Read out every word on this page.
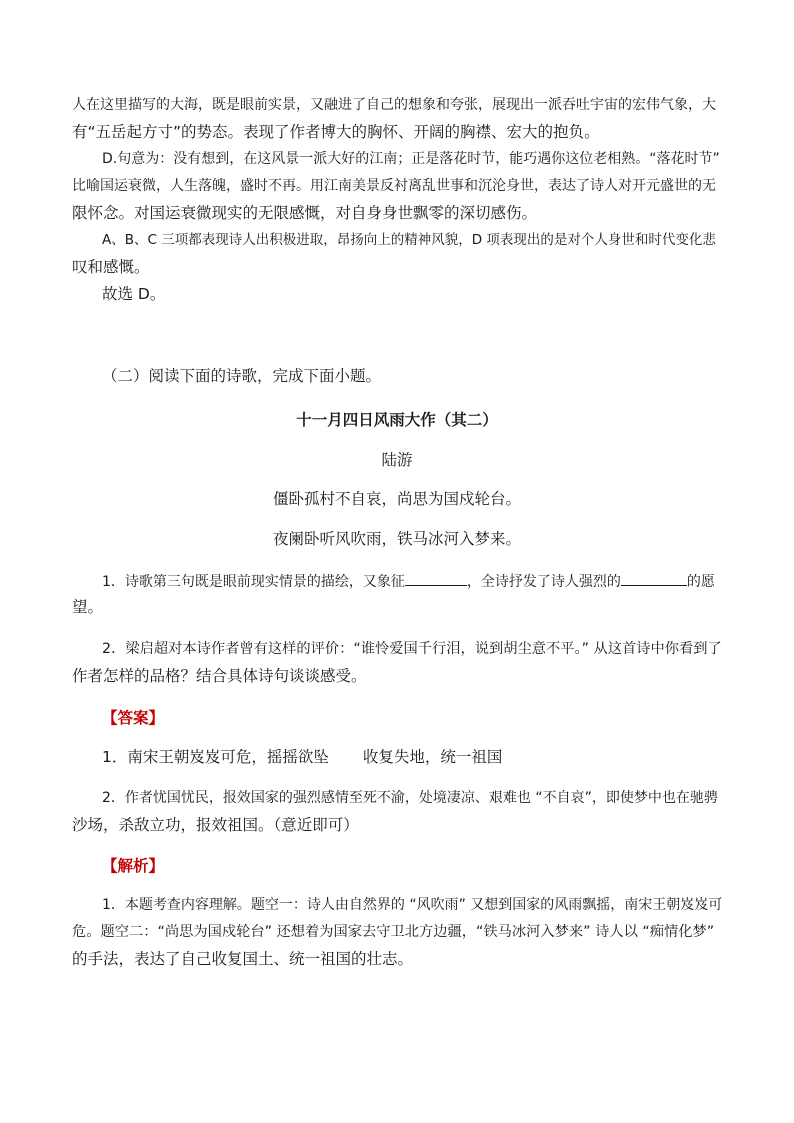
人在这里描写的大海，既是眼前实景，又融进了自己的想象和夸张，展现出一派吞吐宇宙的宏伟气象，大
有“五岳起方寸”的势态。表现了作者博大的胸怀、开阔的胸襟、宏大的抱负。
D.句意为：没有想到，在这风景一派大好的江南；正是落花时节，能巧遇你这位老相熟。“落花时节”
比喻国运衰微，人生落魄，盛时不再。用江南美景反衬离乱世事和沉沦身世，表达了诗人对开元盛世的无
限怀念。对国运衰微现实的无限感慨，对自身身世飘零的深切感伤。
A、B、C 三项都表现诗人出积极进取，昂扬向上的精神风貌，D 项表现出的是对个人身世和时代变化悲
叹和感慨。
故选 D。
（二）阅读下面的诗歌，完成下面小题。
十一月四日风雨大作（其二）
陆游
僵卧孤村不自哀，尚思为国戍轮台。
夜阑卧听风吹雨，铁马冰河入梦来。
1．诗歌第三句既是眼前现实情景的描绘，又象征	，全诗抒发了诗人强烈的	的愿
望。
2．梁启超对本诗作者曾有这样的评价：“谁怜爱国千行泪，说到胡尘意不平。” 从这首诗中你看到了
作者怎样的品格？结合具体诗句谈谈感受。
【答案】
1．南宋王朝岌岌可危，摇摇欲坠 收复失地，统一祖国
2．作者忧国忧民，报效国家的强烈感情至死不渝，处境凄凉、艰难也 “不自哀”，即使梦中也在驰骋
沙场，杀敌立功，报效祖国。（意近即可）
【解析】
1．本题考查内容理解。题空一：诗人由自然界的 “风吹雨” 又想到国家的风雨飘摇，南宋王朝岌岌可
危。题空二：“尚思为国戍轮台” 还想着为国家去守卫北方边疆，“铁马冰河入梦来” 诗人以 “痴情化梦”
的手法，表达了自己收复国土、统一祖国的壮志。
